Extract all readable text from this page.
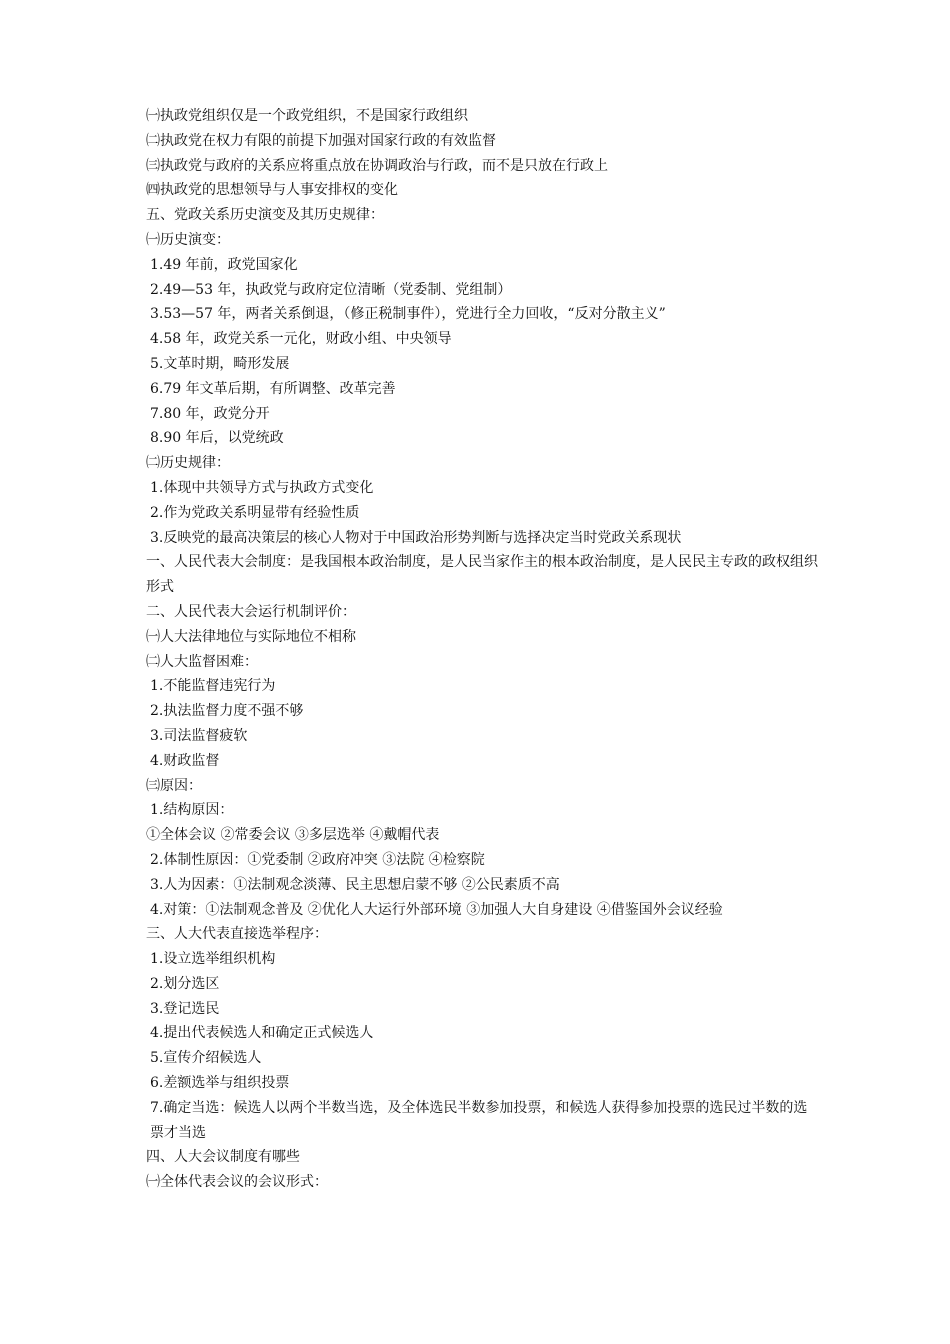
㈠执政党组织仅是一个政党组织，不是国家行政组织
㈡执政党在权力有限的前提下加强对国家行政的有效监督
㈢执政党与政府的关系应将重点放在协调政治与行政，而不是只放在行政上
㈣执政党的思想领导与人事安排权的变化
五、党政关系历史演变及其历史规律：
㈠历史演变：
1.49 年前，政党国家化
2.49—53 年，执政党与政府定位清晰（党委制、党组制）
3.53—57 年，两者关系倒退，（修正税制事件），党进行全力回收，“反对分散主义”
4.58 年，政党关系一元化，财政小组、中央领导
5.文革时期，畸形发展
6.79 年文革后期，有所调整、改革完善
7.80 年，政党分开
8.90 年后，以党统政
㈡历史规律：
1.体现中共领导方式与执政方式变化
2.作为党政关系明显带有经验性质
3.反映党的最高决策层的核心人物对于中国政治形势判断与选择决定当时党政关系现状
一、人民代表大会制度：是我国根本政治制度，是人民当家作主的根本政治制度，是人民民主专政的政权组织形式
二、人民代表大会运行机制评价：
㈠人大法律地位与实际地位不相称
㈡人大监督困难：
1.不能监督违宪行为
2.执法监督力度不强不够
3.司法监督疲软
4.财政监督
㈢原因：
1.结构原因：
①全体会议 ②常委会议 ③多层选举 ④戴帽代表
2.体制性原因：①党委制 ②政府冲突 ③法院 ④检察院
3.人为因素：①法制观念淡薄、民主思想启蒙不够 ②公民素质不高
4.对策：①法制观念普及 ②优化人大运行外部环境 ③加强人大自身建设 ④借鉴国外会议经验
三、人大代表直接选举程序：
1.设立选举组织机构
2.划分选区
3.登记选民
4.提出代表候选人和确定正式候选人
5.宣传介绍候选人
6.差额选举与组织投票
7.确定当选：候选人以两个半数当选，及全体选民半数参加投票，和候选人获得参加投票的选民过半数的选票才当选
四、人大会议制度有哪些
㈠全体代表会议的会议形式：
